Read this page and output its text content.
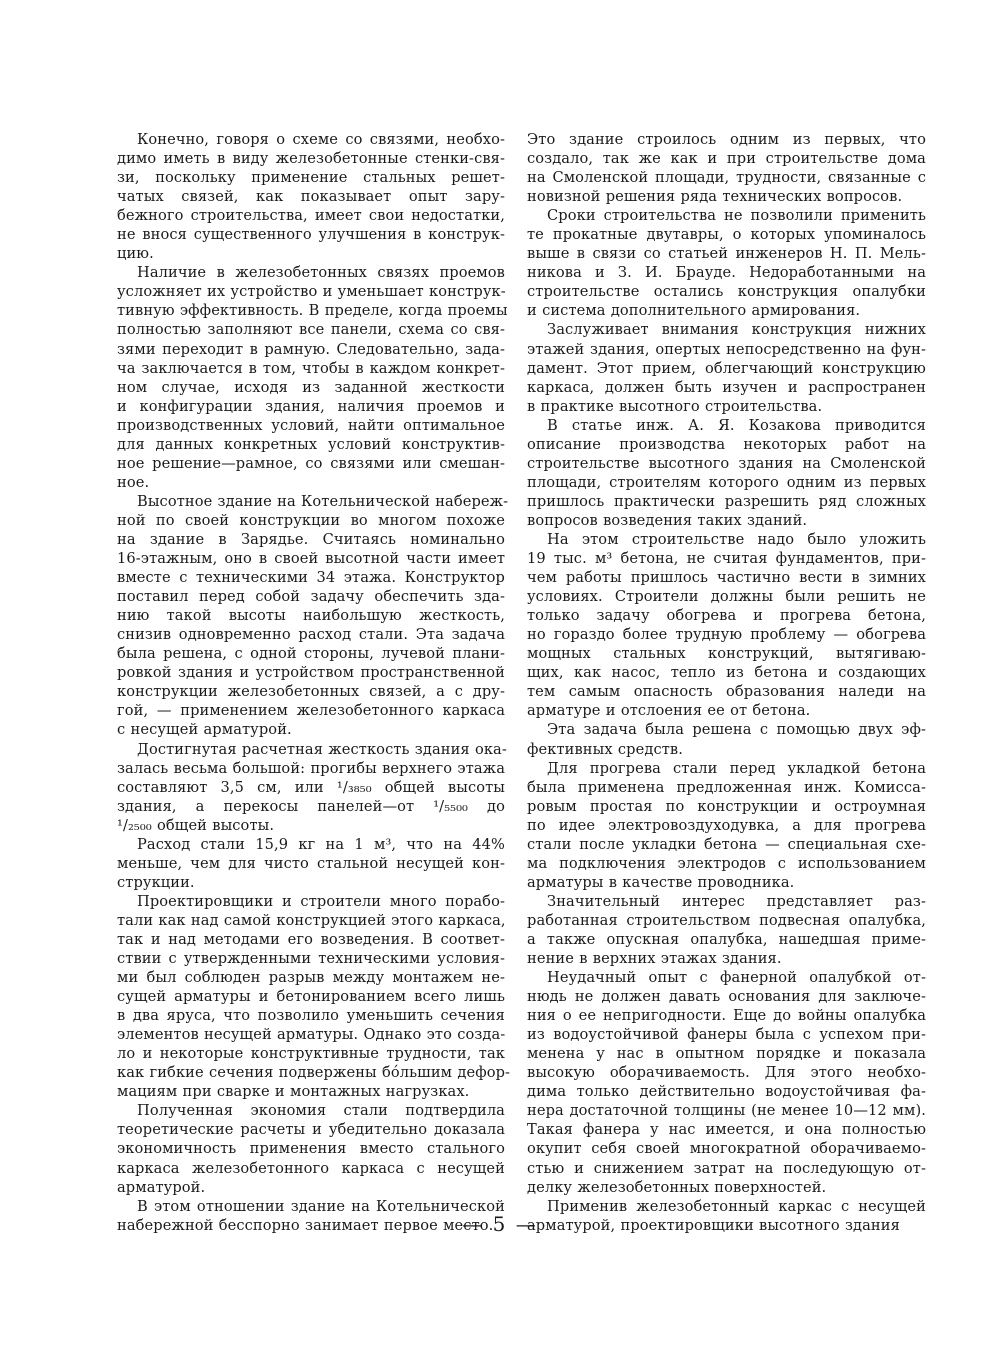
Конечно, говоря о схеме со связями, необхо-
димо иметь в виду железобетонные стенки-свя-
зи, поскольку применение стальных решет-
чатых связей, как показывает опыт зару-
бежного строительства, имеет свои недостатки,
не внося существенного улучшения в конструк-
цию.
Наличие в железобетонных связях проемов
усложняет их устройство и уменьшает конструк-
тивную эффективность. В пределе, когда проемы
полностью заполняют все панели, схема со свя-
зями переходит в рамную. Следовательно, зада-
ча заключается в том, чтобы в каждом конкрет-
ном случае, исходя из заданной жесткости
и конфигурации здания, наличия проемов и
производственных условий, найти оптимальное
для данных конкретных условий конструктив-
ное решение—рамное, со связями или смешан-
ное.
Высотное здание на Котельнической набереж-
ной по своей конструкции во многом похоже
на здание в Зарядье. Считаясь номинально
16-этажным, оно в своей высотной части имеет
вместе с техническими 34 этажа. Конструктор
поставил перед собой задачу обеспечить зда-
нию такой высоты наибольшую жесткость,
снизив одновременно расход стали. Эта задача
была решена, с одной стороны, лучевой плани-
ровкой здания и устройством пространственной
конструкции железобетонных связей, а с дру-
гой, — применением железобетонного каркаса
с несущей арматурой.
Достигнутая расчетная жесткость здания ока-
залась весьма большой: прогибы верхнего этажа
составляют 3,5 см, или ¹/₃₈₅₀ общей высоты
здания, а перекосы панелей—от ¹/₅₅₀₀ до
¹/₂₅₀₀ общей высоты.
Расход стали 15,9 кг на 1 м³, что на 44%
меньше, чем для чисто стальной несущей кон-
струкции.
Проектировщики и строители много порабо-
тали как над самой конструкцией этого каркаса,
так и над методами его возведения. В соответ-
ствии с утвержденными техническими условия-
ми был соблюден разрыв между монтажем не-
сущей арматуры и бетонированием всего лишь
в два яруса, что позволило уменьшить сечения
элементов несущей арматуры. Однако это созда-
ло и некоторые конструктивные трудности, так
как гибкие сечения подвержены бóльшим дефор-
мациям при сварке и монтажных нагрузках.
Полученная экономия стали подтвердила
теоретические расчеты и убедительно доказала
экономичность применения вместо стального
каркаса железобетонного каркаса с несущей
арматурой.
В этом отношении здание на Котельнической
набережной бесспорно занимает первое место.
Это здание строилось одним из первых, что
создало, так же как и при строительстве дома
на Смоленской площади, трудности, связанные с
новизной решения ряда технических вопросов.
Сроки строительства не позволили применить
те прокатные двутавры, о которых упоминалось
выше в связи со статьей инженеров Н. П. Мель-
никова и З. И. Брауде. Недоработанными на
строительстве остались конструкция опалубки
и система дополнительного армирования.
Заслуживает внимания конструкция нижних
этажей здания, опертых непосредственно на фун-
дамент. Этот прием, облегчающий конструкцию
каркаса, должен быть изучен и распространен
в практике высотного строительства.
В статье инж. А. Я. Козакова приводится
описание производства некоторых работ на
строительстве высотного здания на Смоленской
площади, строителям которого одним из первых
пришлось практически разрешить ряд сложных
вопросов возведения таких зданий.
На этом строительстве надо было уложить
19 тыс. м³ бетона, не считая фундаментов, при-
чем работы пришлось частично вести в зимних
условиях. Строители должны были решить не
только задачу обогрева и прогрева бетона,
но гораздо более трудную проблему — обогрева
мощных стальных конструкций, вытягиваю-
щих, как насос, тепло из бетона и создающих
тем самым опасность образования наледи на
арматуре и отслоения ее от бетона.
Эта задача была решена с помощью двух эф-
фективных средств.
Для прогрева стали перед укладкой бетона
была применена предложенная инж. Комисса-
ровым простая по конструкции и остроумная
по идее электровоздуходувка, а для прогрева
стали после укладки бетона — специальная схе-
ма подключения электродов с использованием
арматуры в качестве проводника.
Значительный интерес представляет раз-
работанная строительством подвесная опалубка,
а также опускная опалубка, нашедшая приме-
нение в верхних этажах здания.
Неудачный опыт с фанерной опалубкой от-
нюдь не должен давать основания для заключе-
ния о ее непригодности. Еще до войны опалубка
из водоустойчивой фанеры была с успехом при-
менена у нас в опытном порядке и показала
высокую оборачиваемость. Для этого необхо-
дима только действительно водоустойчивая фа-
нера достаточной толщины (не менее 10—12 мм).
Такая фанера у нас имеется, и она полностью
окупит себя своей многократной оборачиваемо-
стью и снижением затрат на последующую от-
делку железобетонных поверхностей.
Применив железобетонный каркас с несущей
арматурой, проектировщики высотного здания
— 5 —
